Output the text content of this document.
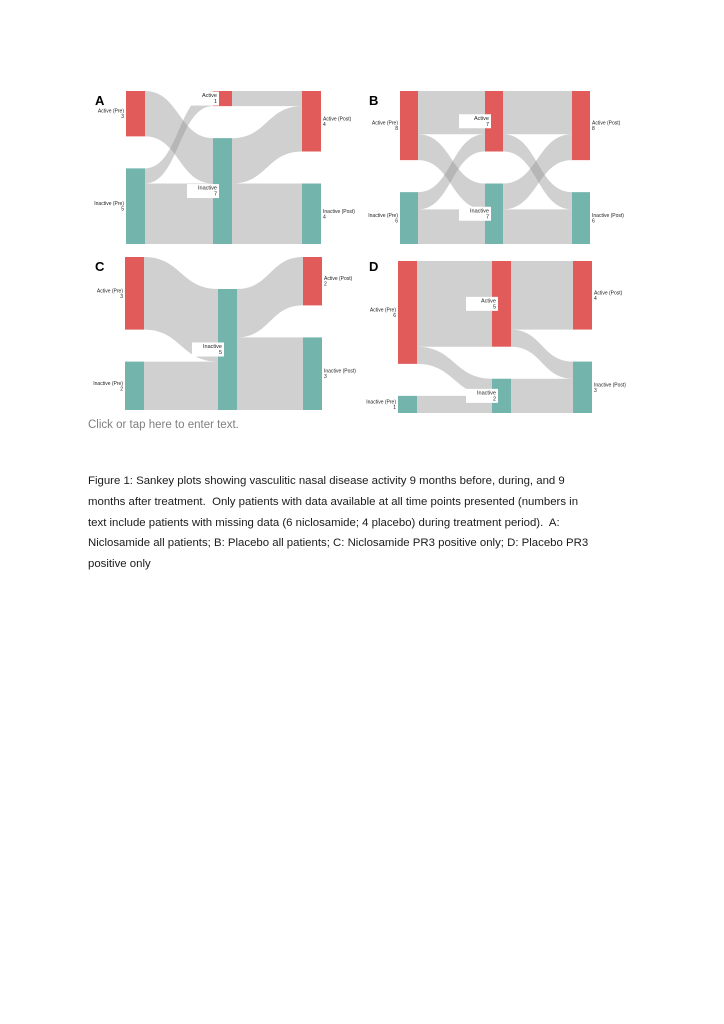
Active (Pre) 3
Inactive (Pre) 5
Active 1
Inactive 7
Active (Post) 4
Inactive (Post) 4
A
Active (Pre) 8
Inactive (Pre) 6
Active 7
Inactive 7
Active (Post) 8
Inactive (Post) 6
B
Active (Pre) 3
Inactive (Pre) 2
Inactive 5
Active (Post) 2
Inactive (Post) 3
C
Active (Pre) 6
Inactive (Pre) 1
Active 5
Inactive 2
Active (Post) 4
Inactive (Post) 3
D
Click or tap here to enter text.
Figure 1: Sankey plots showing vasculitic nasal disease activity 9 months before, during, and 9
months after treatment.  Only patients with data available at all time points presented (numbers in
text include patients with missing data (6 niclosamide; 4 placebo) during treatment period).  A:
Niclosamide all patients; B: Placebo all patients; C: Niclosamide PR3 positive only; D: Placebo PR3
positive only
